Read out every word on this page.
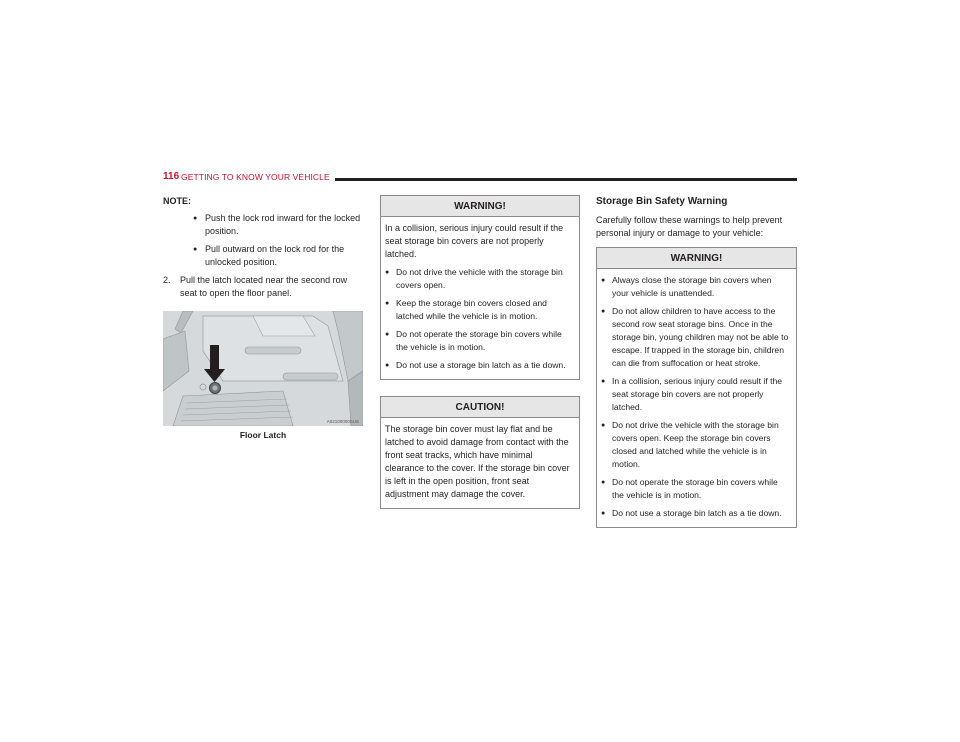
116 GETTING TO KNOW YOUR VEHICLE
NOTE:
● Push the lock rod inward for the locked position.
● Pull outward on the lock rod for the unlocked position.
2. Pull the latch located near the second row seat to open the floor panel.
A02100000SUS
Floor Latch
WARNING!

In a collision, serious injury could result if the seat storage bin covers are not properly latched.

● Do not drive the vehicle with the storage bin covers open.
● Keep the storage bin covers closed and latched while the vehicle is in motion.
● Do not operate the storage bin covers while the vehicle is in motion.
● Do not use a storage bin latch as a tie down.
CAUTION!

The storage bin cover must lay flat and be latched to avoid damage from contact with the front seat tracks, which have minimal clearance to the cover. If the storage bin cover is left in the open position, front seat adjustment may damage the cover.

Storage Bin Safety Warning

Carefully follow these warnings to help prevent personal injury or damage to your vehicle:

WARNING!
● Always close the storage bin covers when your vehicle is unattended.
● Do not allow children to have access to the second row seat storage bins. Once in the storage bin, young children may not be able to escape. If trapped in the storage bin, children can die from suffocation or heat stroke.
● In a collision, serious injury could result if the seat storage bin covers are not properly latched.
● Do not drive the vehicle with the storage bin covers open. Keep the storage bin covers closed and latched while the vehicle is in motion.
● Do not operate the storage bin covers while the vehicle is in motion.
● Do not use a storage bin latch as a tie down.
